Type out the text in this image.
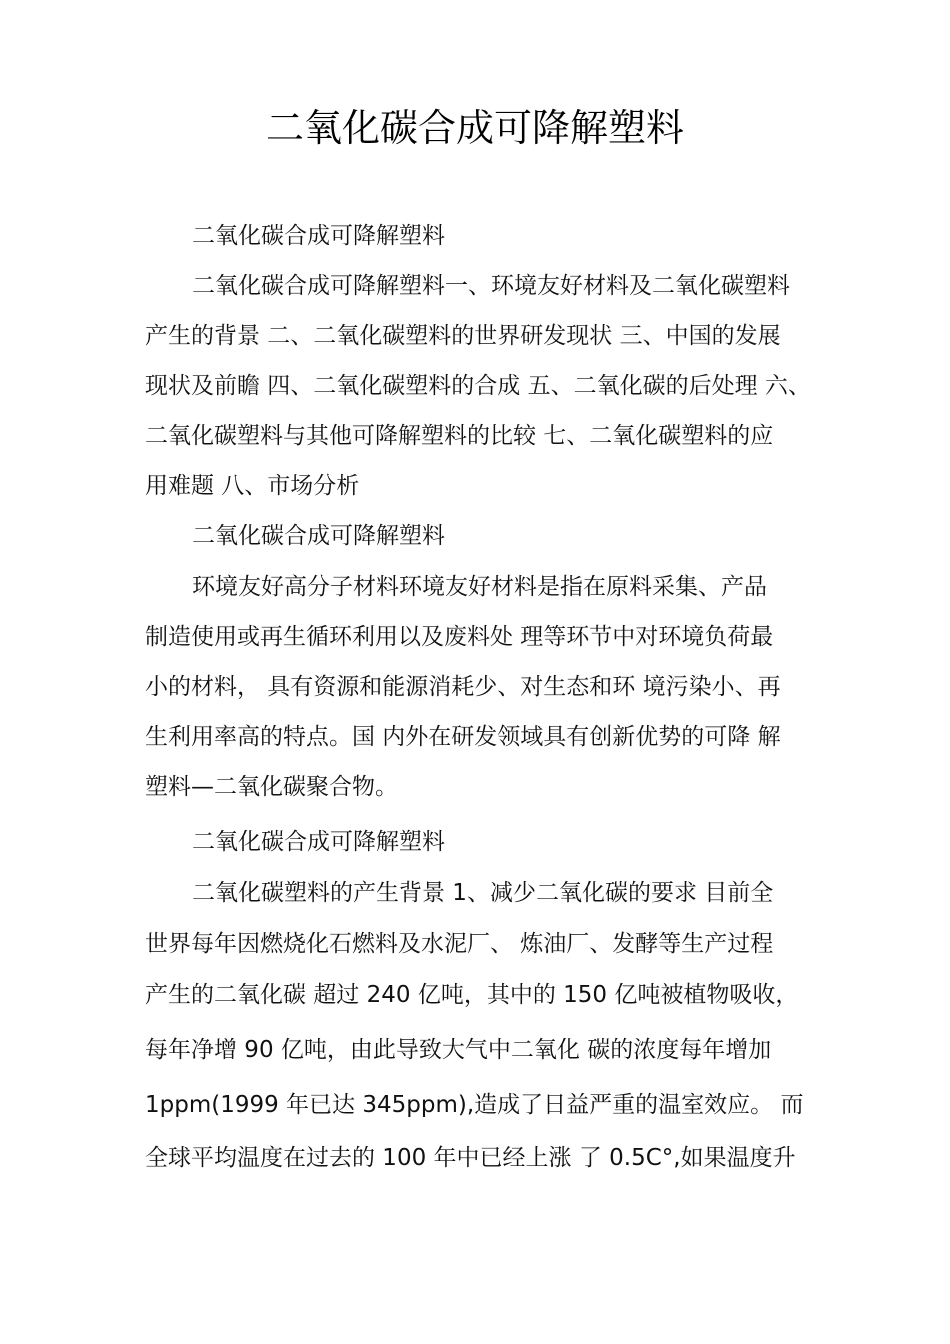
二氧化碳合成可降解塑料
二氧化碳合成可降解塑料
二氧化碳合成可降解塑料一、环境友好材料及二氧化碳塑料
产生的背景 二、二氧化碳塑料的世界研发现状 三、中国的发展
现状及前瞻 四、二氧化碳塑料的合成 五、二氧化碳的后处理 六、
二氧化碳塑料与其他可降解塑料的比较 七、二氧化碳塑料的应
用难题 八、市场分析
二氧化碳合成可降解塑料
环境友好高分子材料环境友好材料是指在原料采集、产品
制造使用或再生循环利用以及废料处 理等环节中对环境负荷最
小的材料， 具有资源和能源消耗少、对生态和环 境污染小、再
生利用率高的特点。国 内外在研发领域具有创新优势的可降 解
塑料—二氧化碳聚合物。
二氧化碳合成可降解塑料
二氧化碳塑料的产生背景 1、减少二氧化碳的要求 目前全
世界每年因燃烧化石燃料及水泥厂、 炼油厂、发酵等生产过程
产生的二氧化碳 超过 240 亿吨，其中的 150 亿吨被植物吸收，
每年净增 90 亿吨，由此导致大气中二氧化 碳的浓度每年增加
1ppm(1999 年已达 345ppm),造成了日益严重的温室效应。 而
全球平均温度在过去的 100 年中已经上涨 了 0.5C°,如果温度升
